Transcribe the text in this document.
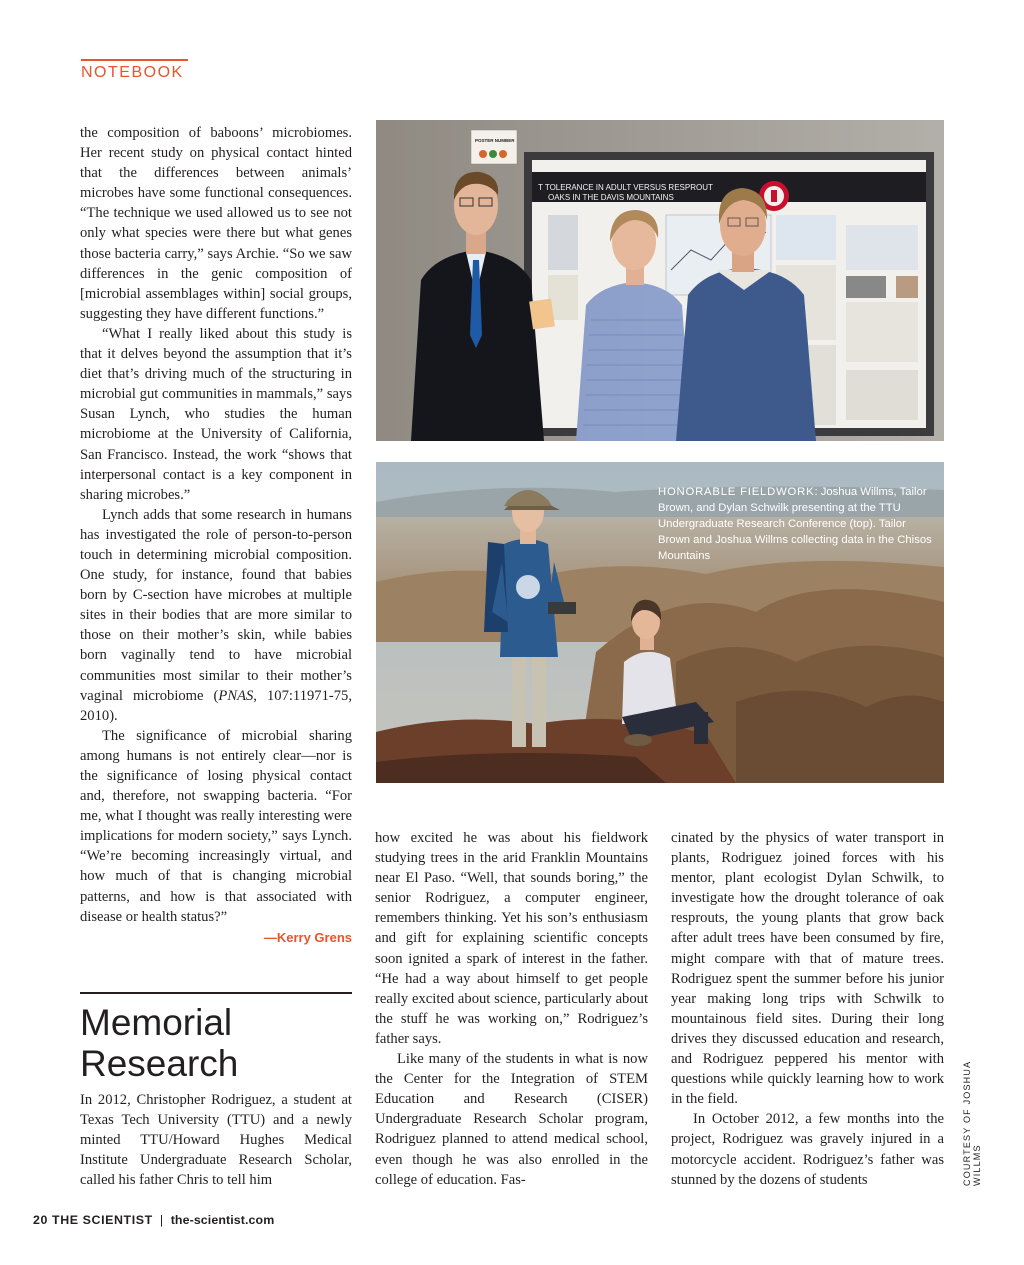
NOTEBOOK

the composition of baboons’ microbiomes. Her recent study on physical contact hinted that the differences between animals’ microbes have some functional consequences. “The technique we used allowed us to see not only what species were there but what genes those bacteria carry,” says Archie. “So we saw differences in the genic composition of [microbial assemblages within] social groups, suggesting they have different functions.”

“What I really liked about this study is that it delves beyond the assumption that it’s diet that’s driving much of the structuring in microbial gut communities in mammals,” says Susan Lynch, who studies the human microbiome at the University of California, San Francisco. Instead, the work “shows that interpersonal contact is a key component in sharing microbes.”

Lynch adds that some research in humans has investigated the role of person-to-person touch in determining microbial composition. One study, for instance, found that babies born by C-section have microbes at multiple sites in their bodies that are more similar to those on their mother’s skin, while babies born vaginally tend to have microbial communities most similar to their mother’s vaginal microbiome (PNAS, 107:11971-75, 2010).

The significance of microbial sharing among humans is not entirely clear—nor is the significance of losing physical contact and, therefore, not swapping bacteria. “For me, what I thought was really interesting were implications for modern society,” says Lynch. “We’re becoming increasingly virtual, and how much of that is changing microbial patterns, and how is that associated with disease or health status?”

—Kerry Grens
Memorial
Research

In 2012, Christopher Rodriguez, a student at Texas Tech University (TTU) and a newly minted TTU/Howard Hughes Medical Institute Undergraduate Research Scholar, called his father Chris to tell him

T TOLERANCE IN ADULT VERSUS RESPROUT
OAKS IN THE DAVIS MOUNTAINS
POSTER NUMBER
HONORABLE FIELDWORK: Joshua Willms, Tailor Brown, and Dylan Schwilk presenting at the TTU Undergraduate Research Conference (top). Tailor Brown and Joshua Willms collecting data in the Chisos Mountains

how excited he was about his fieldwork studying trees in the arid Franklin Mountains near El Paso. “Well, that sounds boring,” the senior Rodriguez, a computer engineer, remembers thinking. Yet his son’s enthusiasm and gift for explaining scientific concepts soon ignited a spark of interest in the father. “He had a way about himself to get people really excited about science, particularly about the stuff he was working on,” Rodriguez’s father says.

Like many of the students in what is now the Center for the Integration of STEM Education and Research (CISER) Undergraduate Research Scholar program, Rodriguez planned to attend medical school, even though he was also enrolled in the college of education. Fas-

cinated by the physics of water transport in plants, Rodriguez joined forces with his mentor, plant ecologist Dylan Schwilk, to investigate how the drought tolerance of oak resprouts, the young plants that grow back after adult trees have been consumed by fire, might compare with that of mature trees. Rodriguez spent the summer before his junior year making long trips with Schwilk to mountainous field sites. During their long drives they discussed education and research, and Rodriguez peppered his mentor with questions while quickly learning how to work in the field.

In October 2012, a few months into the project, Rodriguez was gravely injured in a motorcycle accident. Rodriguez’s father was stunned by the dozens of students	COURTESY OF JOSHUA WILLMS
20 THE SCIENTIST | the-scientist.com
